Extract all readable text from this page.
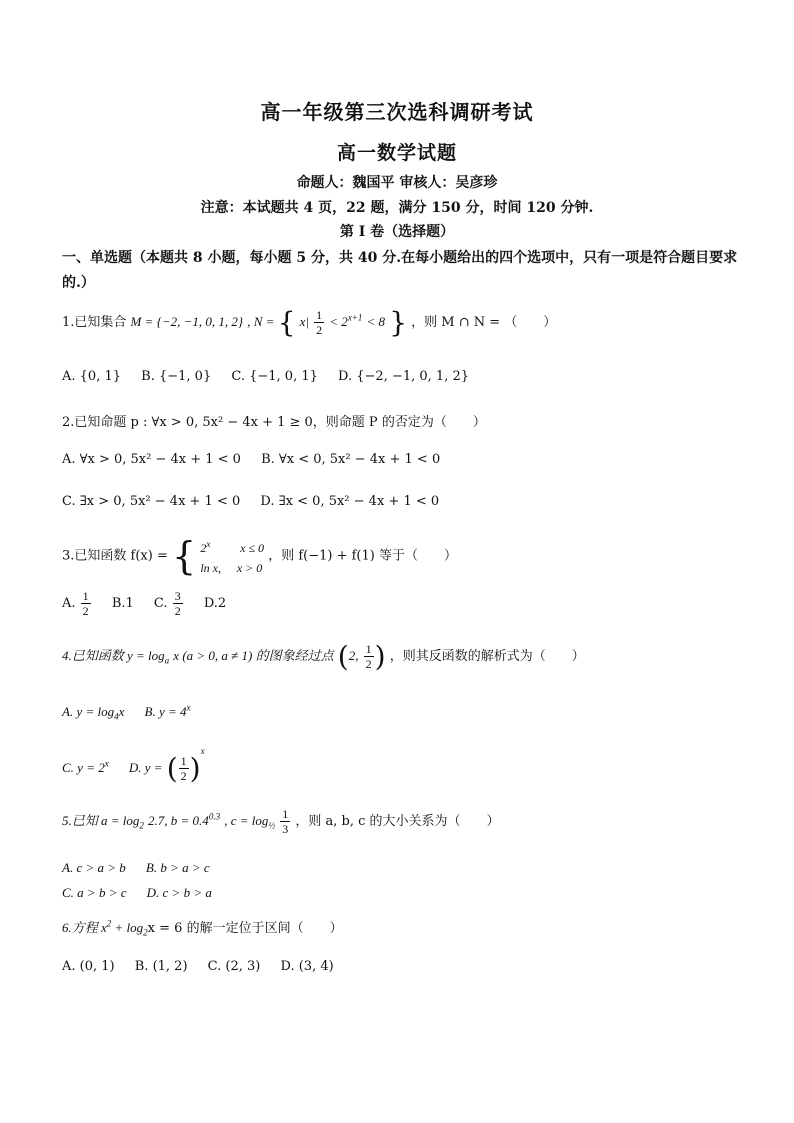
高一年级第三次选科调研考试
高一数学试题
命题人：魏国平 审核人：吴彦珍
注意：本试题共 4 页，22 题，满分 150 分，时间 120 分钟.
第 I 卷（选择题）
一、单选题（本题共 8 小题，每小题 5 分，共 40 分.在每小题给出的四个选项中，只有一项是符合题目要求的.）
1.已知集合 M = {−2, −1, 0, 1, 2} , N = { $x| \frac{1}{2} < 2^{x+1} < 8$ } ，则 M ∩ N = （　　）
A. {0, 1} B. {−1, 0} C. {−1, 0, 1} D. {−2, −1, 0, 1, 2}
2.已知命题 p : ∀x > 0, 5x² − 4x + 1 ≥ 0，则命题 P 的否定为（　　）
A. ∀x > 0, 5x² − 4x + 1 < 0 B. ∀x < 0, 5x² − 4x + 1 < 0
C. ∃x > 0, 5x² − 4x + 1 < 0 D. ∃x < 0, 5x² − 4x + 1 < 0
3.已知函数 f(x) = { 2$^x$ x ≤ 0
ln x, x > 0 ，则 f(−1) + f(1) 等于（　　）
A. $\frac{1}{2} B.1$ C. $\frac{3}{2} D.2$
4.已知函数 $y = \log_a x$ (a > 0, a ≠ 1) 的图象经过点 (2, $\frac{1}{2}$ ) ，则其反函数的解析式为（　　）
A. $y = \log_4x$ B. $y = 4^x$
C. $y = 2^x$ D. y = ( $\frac{1}{2} )^x$
5.已知 $a = \log_2 2.7$, $b = 0.4^{0.3}$ , $c = \log_{\frac{1}{2}} \frac{1}{3}$ ，则 a, b, c 的大小关系为（　　）
A. c > a > b B. b > a > c
C. a > b > c D. c > b > a
6.方程 $x^2 + \log_2x = 6$ 的解一定位于区间（　　）
A. (0, 1) B. (1, 2) C. (2, 3) D. (3, 4)
